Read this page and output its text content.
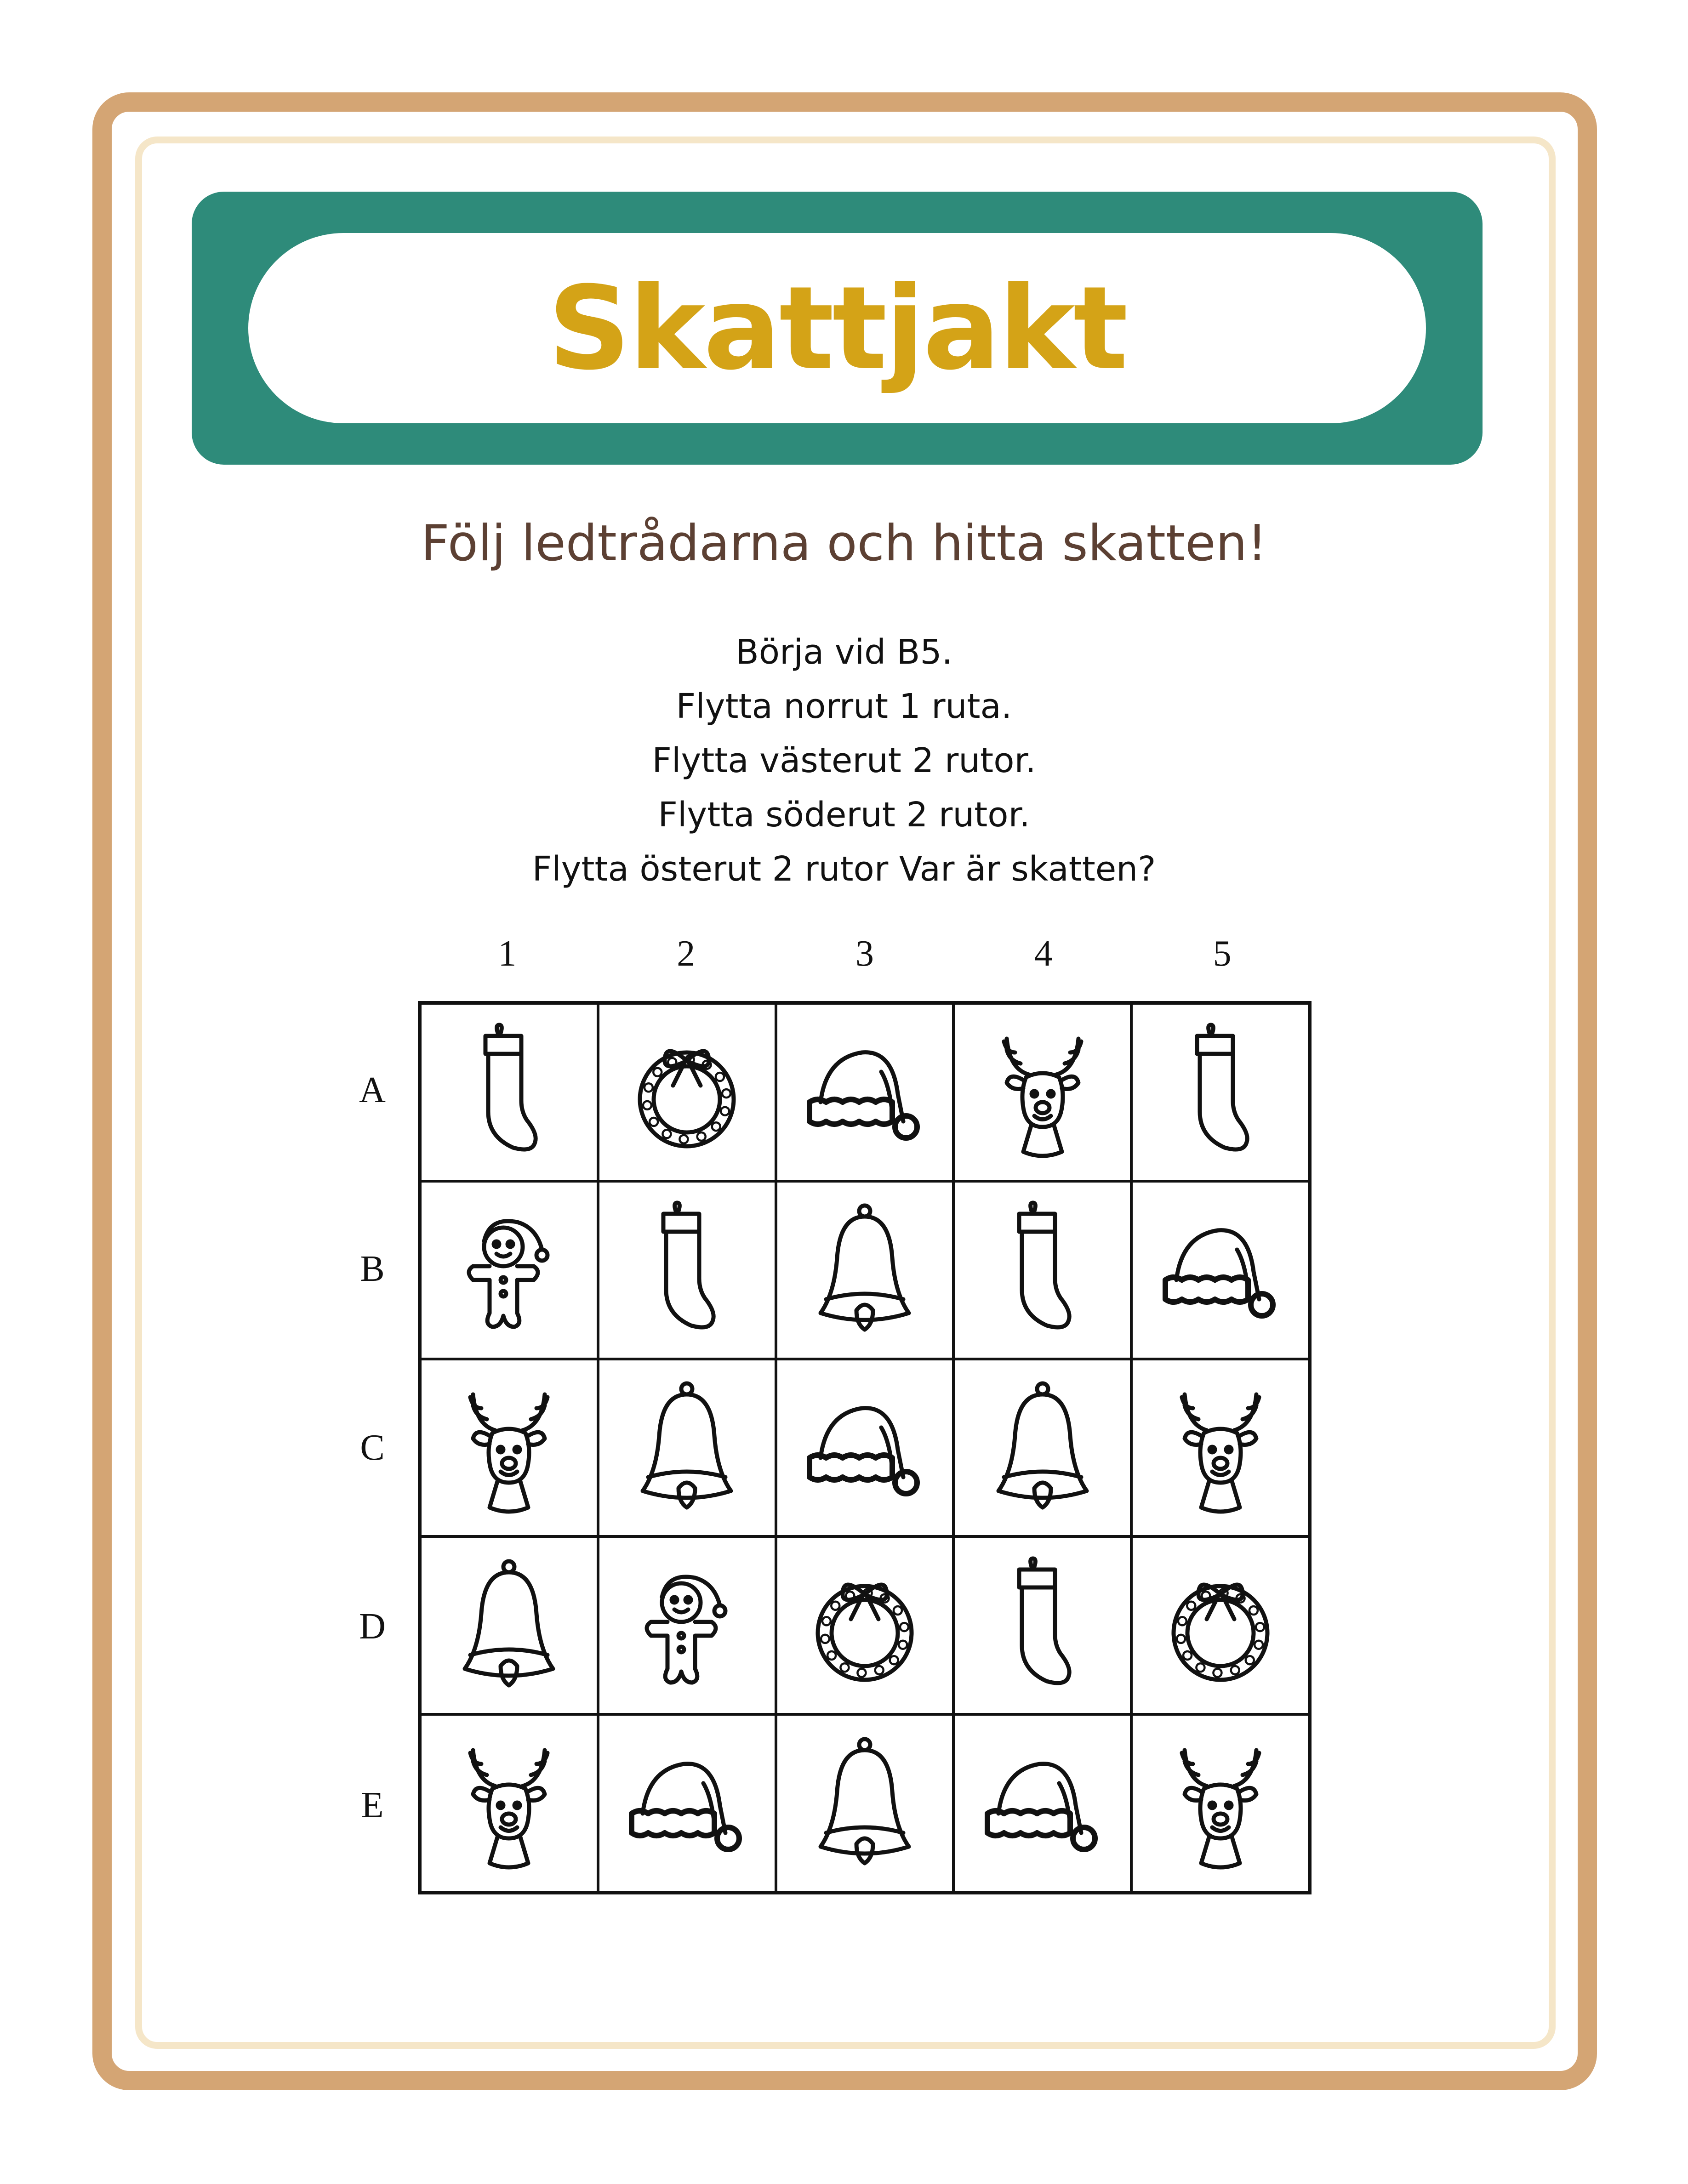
Skattjakt
Följ ledtrådarna och hitta skatten!
Börja vid B5.
Flytta norrut 1 ruta.
Flytta västerut 2 rutor.
Flytta söderut 2 rutor.
Flytta österut 2 rutor Var är skatten?
1	2	3	4	5
A
B
C
D
E
